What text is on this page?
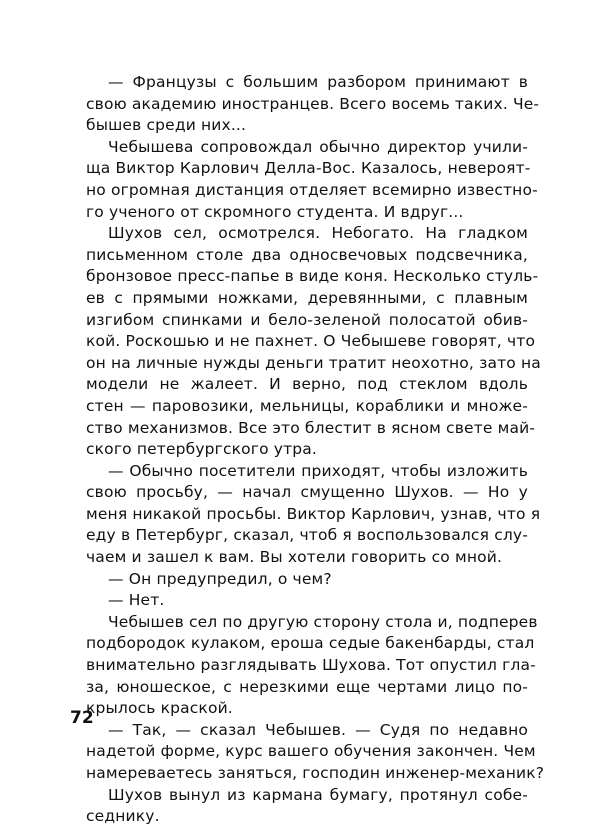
— Французы с большим разбором принимают в
свою академию иностранцев. Всего восемь таких. Че-
бышев среди них...
Чебышева сопровождал обычно директор учили-
ща Виктор Карлович Делла-Вос. Казалось, невероят-
но огромная дистанция отделяет всемирно известно-
го ученого от скромного студента. И вдруг...
Шухов сел, осмотрелся. Небогато. На гладком
письменном столе два односвечовых подсвечника,
бронзовое пресс-папье в виде коня. Несколько стуль-
ев с прямыми ножками, деревянными, с плавным
изгибом спинками и бело-зеленой полосатой обив-
кой. Роскошью и не пахнет. О Чебышеве говорят, что
он на личные нужды деньги тратит неохотно, зато на
модели не жалеет. И верно, под стеклом вдоль
стен — паровозики, мельницы, кораблики и множе-
ство механизмов. Все это блестит в ясном свете май-
ского петербургского утра.
— Обычно посетители приходят, чтобы изложить
свою просьбу, — начал смущенно Шухов. — Но у
меня никакой просьбы. Виктор Карлович, узнав, что я
еду в Петербург, сказал, чтоб я воспользовался слу-
чаем и зашел к вам. Вы хотели говорить со мной.
— Он предупредил, о чем?
— Нет.
Чебышев сел по другую сторону стола и, подперев
подбородок кулаком, ероша седые бакенбарды, стал
внимательно разглядывать Шухова. Тот опустил гла-
за, юношеское, с нерезкими еще чертами лицо по-
крылось краской.
— Так, — сказал Чебышев. — Судя по недавно
надетой форме, курс вашего обучения закончен. Чем
намереваетесь заняться, господин инженер-механик?
Шухов вынул из кармана бумагу, протянул собе-
седнику.
72
